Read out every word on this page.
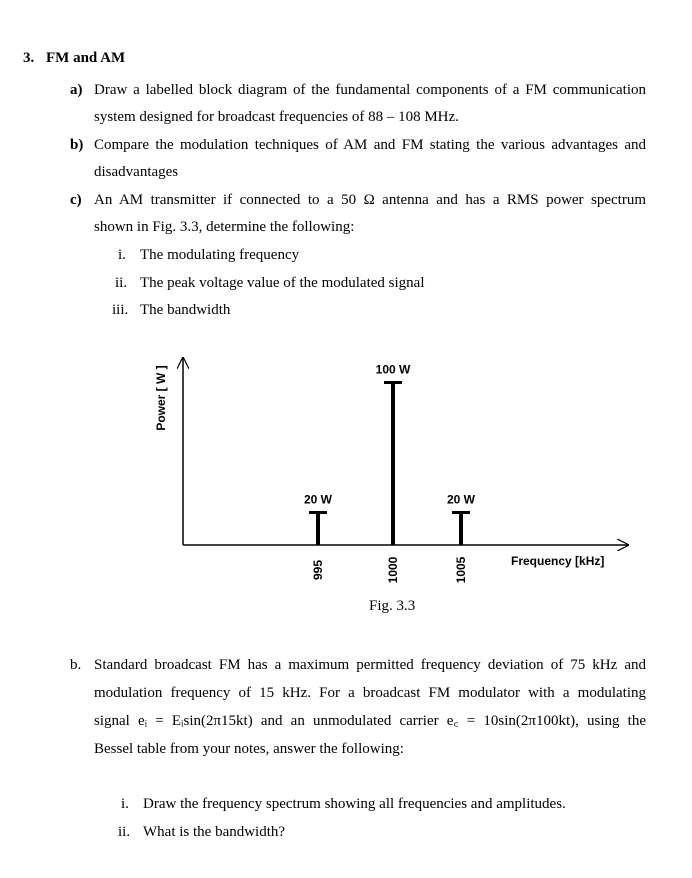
3. FM and AM
a) Draw a labelled block diagram of the fundamental components of a FM communication
system designed for broadcast frequencies of 88 – 108 MHz.
b) Compare the modulation techniques of AM and FM stating the various advantages and
disadvantages
c) An AM transmitter if connected to a 50 Ω antenna and has a RMS power spectrum
shown in Fig. 3.3, determine the following:
i. The modulating frequency
ii. The peak voltage value of the modulated signal
iii. The bandwidth
Power [ W ]
Frequency [kHz]
20 W
995
100 W
1000
20 W
1005
Fig. 3.3
b. Standard broadcast FM has a maximum permitted frequency deviation of 75 kHz and
modulation frequency of 15 kHz. For a broadcast FM modulator with a modulating
signal eᵢ = Eᵢsin(2π15kt) and an unmodulated carrier e꜀ = 10sin(2π100kt), using the
Bessel table from your notes, answer the following:
i. Draw the frequency spectrum showing all frequencies and amplitudes.
ii. What is the bandwidth?
